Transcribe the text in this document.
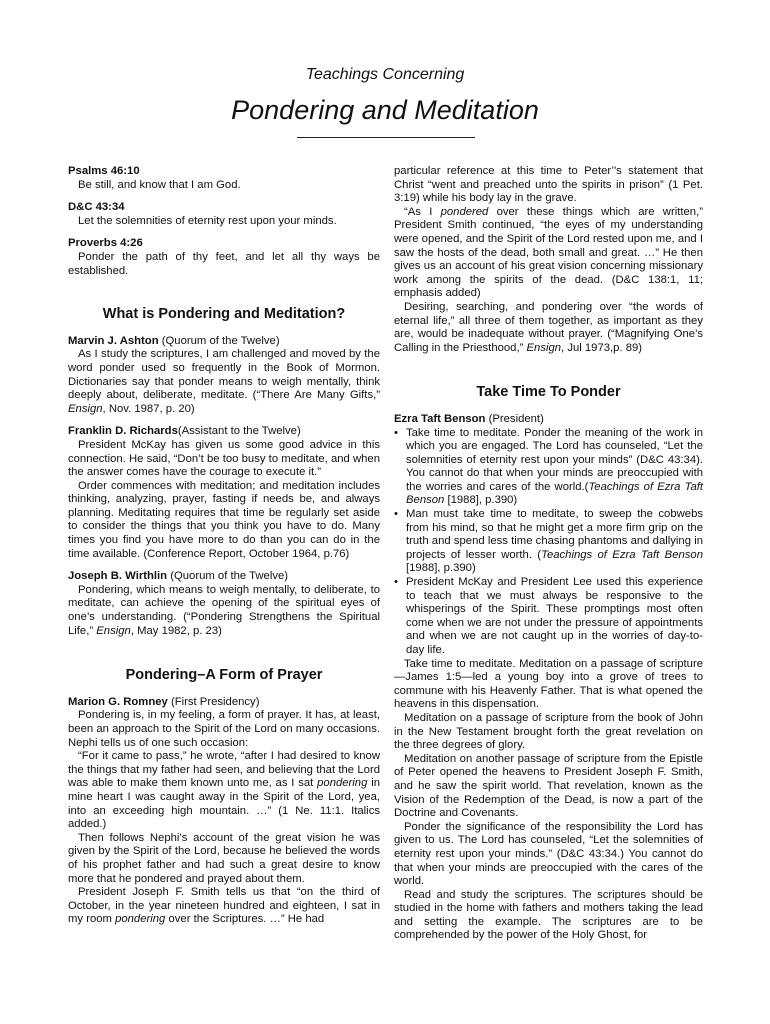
Teachings Concerning
Pondering and Meditation

Psalms 46:10

Be still, and know that I am God.

D&C 43:34

Let the solemnities of eternity rest upon your minds.

Proverbs 4:26

Ponder the path of thy feet, and let all thy ways be established.

What is Pondering and Meditation?

Marvin J. Ashton (Quorum of the Twelve)

As I study the scriptures, I am challenged and moved by the word ponder used so frequently in the Book of Mormon. Dictionaries say that ponder means to weigh mentally, think deeply about, deliberate, meditate. (“There Are Many Gifts,” Ensign, Nov. 1987, p. 20)

Franklin D. Richards(Assistant to the Twelve)

President McKay has given us some good advice in this connection. He said, “Don’t be too busy to meditate, and when the answer comes have the courage to execute it.”

Order commences with meditation; and meditation includes thinking, analyzing, prayer, fasting if needs be, and always planning. Meditating requires that time be regularly set aside to consider the things that you think you have to do. Many times you find you have more to do than you can do in the time available. (Conference Report, October 1964, p.76)

Joseph B. Wirthlin (Quorum of the Twelve)

Pondering, which means to weigh mentally, to deliberate, to meditate, can achieve the opening of the spiritual eyes of one’s understanding. (“Pondering Strengthens the Spiritual Life,” Ensign, May 1982, p. 23)

Pondering–A Form of Prayer

Marion G. Romney (First Presidency)

Pondering is, in my feeling, a form of prayer. It has, at least, been an approach to the Spirit of the Lord on many occasions. Nephi tells us of one such occasion:

“For it came to pass,” he wrote, “after I had desired to know the things that my father had seen, and believing that the Lord was able to make them known unto me, as I sat pondering in mine heart I was caught away in the Spirit of the Lord, yea, into an exceeding high mountain. …” (1 Ne. 11:1. Italics added.)

Then follows Nephi’s account of the great vision he was given by the Spirit of the Lord, because he believed the words of his prophet father and had such a great desire to know more that he pondered and prayed about them.

President Joseph F. Smith tells us that “on the third of October, in the year nineteen hundred and eighteen, I sat in my room pondering over the Scriptures. …” He had

particular reference at this time to Peter’’s statement that Christ “went and preached unto the spirits in prison” (1 Pet. 3:19) while his body lay in the grave.

“As I pondered over these things which are written,” President Smith continued, “the eyes of my understanding were opened, and the Spirit of the Lord rested upon me, and I saw the hosts of the dead, both small and great. …” He then gives us an account of his great vision concerning missionary work among the spirits of the dead. (D&C 138:1, 11; emphasis added)

Desiring, searching, and pondering over “the words of eternal life,” all three of them together, as important as they are, would be inadequate without prayer. (“Magnifying One’s Calling in the Priesthood,” Ensign, Jul 1973,p. 89)

Take Time To Ponder

Ezra Taft Benson (President)

• Take time to meditate. Ponder the meaning of the work in which you are engaged. The Lord has counseled, “Let the solemnities of eternity rest upon your minds” (D&C 43:34). You cannot do that when your minds are preoccupied with the worries and cares of the world.(Teachings of Ezra Taft Benson [1988], p.390)
• Man must take time to meditate, to sweep the cobwebs from his mind, so that he might get a more firm grip on the truth and spend less time chasing phantoms and dallying in projects of lesser worth. (Teachings of Ezra Taft Benson [1988], p.390)
• President McKay and President Lee used this experience to teach that we must always be responsive to the whisperings of the Spirit. These promptings most often come when we are not under the pressure of appointments and when we are not caught up in the worries of day-to-day life.

Take time to meditate. Meditation on a passage of scripture—James 1:5—led a young boy into a grove of trees to commune with his Heavenly Father. That is what opened the heavens in this dispensation.

Meditation on a passage of scripture from the book of John in the New Testament brought forth the great revelation on the three degrees of glory.

Meditation on another passage of scripture from the Epistle of Peter opened the heavens to President Joseph F. Smith, and he saw the spirit world. That revelation, known as the Vision of the Redemption of the Dead, is now a part of the Doctrine and Covenants.

Ponder the significance of the responsibility the Lord has given to us. The Lord has counseled, “Let the solemnities of eternity rest upon your minds.” (D&C 43:34.) You cannot do that when your minds are preoccupied with the cares of the world.

Read and study the scriptures. The scriptures should be studied in the home with fathers and mothers taking the lead and setting the example. The scriptures are to be comprehended by the power of the Holy Ghost, for
